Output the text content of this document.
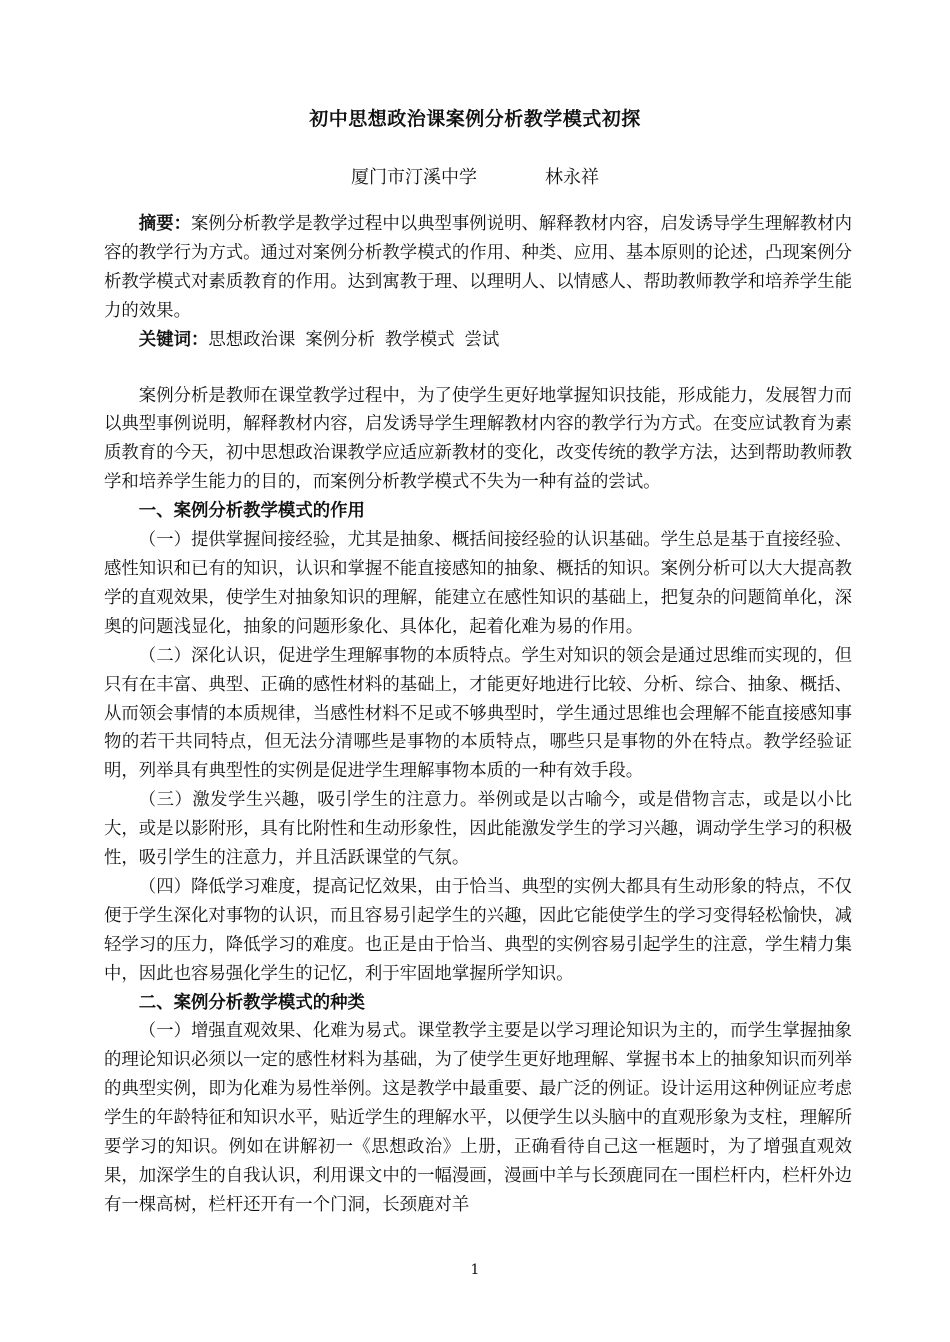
初中思想政治课案例分析教学模式初探
厦门市汀溪中学	林永祥

摘要：案例分析教学是教学过程中以典型事例说明、解释教材内容，启发诱导学生理解教材内容的教学行为方式。通过对案例分析教学模式的作用、种类、应用、基本原则的论述，凸现案例分析教学模式对素质教育的作用。达到寓教于理、以理明人、以情感人、帮助教师教学和培养学生能力的效果。

关键词：思想政治课 案例分析 教学模式 尝试

案例分析是教师在课堂教学过程中，为了使学生更好地掌握知识技能，形成能力，发展智力而以典型事例说明，解释教材内容，启发诱导学生理解教材内容的教学行为方式。在变应试教育为素质教育的今天，初中思想政治课教学应适应新教材的变化，改变传统的教学方法，达到帮助教师教学和培养学生能力的目的，而案例分析教学模式不失为一种有益的尝试。

一、案例分析教学模式的作用

（一）提供掌握间接经验，尤其是抽象、概括间接经验的认识基础。学生总是基于直接经验、感性知识和已有的知识，认识和掌握不能直接感知的抽象、概括的知识。案例分析可以大大提高教学的直观效果，使学生对抽象知识的理解，能建立在感性知识的基础上，把复杂的问题简单化，深奥的问题浅显化，抽象的问题形象化、具体化，起着化难为易的作用。

（二）深化认识，促进学生理解事物的本质特点。学生对知识的领会是通过思维而实现的，但只有在丰富、典型、正确的感性材料的基础上，才能更好地进行比较、分析、综合、抽象、概括、从而领会事情的本质规律，当感性材料不足或不够典型时，学生通过思维也会理解不能直接感知事物的若干共同特点，但无法分清哪些是事物的本质特点，哪些只是事物的外在特点。教学经验证明，列举具有典型性的实例是促进学生理解事物本质的一种有效手段。

（三）激发学生兴趣，吸引学生的注意力。举例或是以古喻今，或是借物言志，或是以小比大，或是以影附形，具有比附性和生动形象性，因此能激发学生的学习兴趣，调动学生学习的积极性，吸引学生的注意力，并且活跃课堂的气氛。

（四）降低学习难度，提高记忆效果，由于恰当、典型的实例大都具有生动形象的特点，不仅便于学生深化对事物的认识，而且容易引起学生的兴趣，因此它能使学生的学习变得轻松愉快，减轻学习的压力，降低学习的难度。也正是由于恰当、典型的实例容易引起学生的注意，学生精力集中，因此也容易强化学生的记忆，利于牢固地掌握所学知识。

二、案例分析教学模式的种类

（一）增强直观效果、化难为易式。课堂教学主要是以学习理论知识为主的，而学生掌握抽象的理论知识必须以一定的感性材料为基础，为了使学生更好地理解、掌握书本上的抽象知识而列举的典型实例，即为化难为易性举例。这是教学中最重要、最广泛的例证。设计运用这种例证应考虑学生的年龄特征和知识水平，贴近学生的理解水平，以便学生以头脑中的直观形象为支柱，理解所要学习的知识。例如在讲解初一《思想政治》上册，正确看待自己这一框题时，为了增强直观效果，加深学生的自我认识，利用课文中的一幅漫画，漫画中羊与长颈鹿同在一围栏杆内，栏杆外边有一棵高树，栏杆还开有一个门洞，长颈鹿对羊

1
